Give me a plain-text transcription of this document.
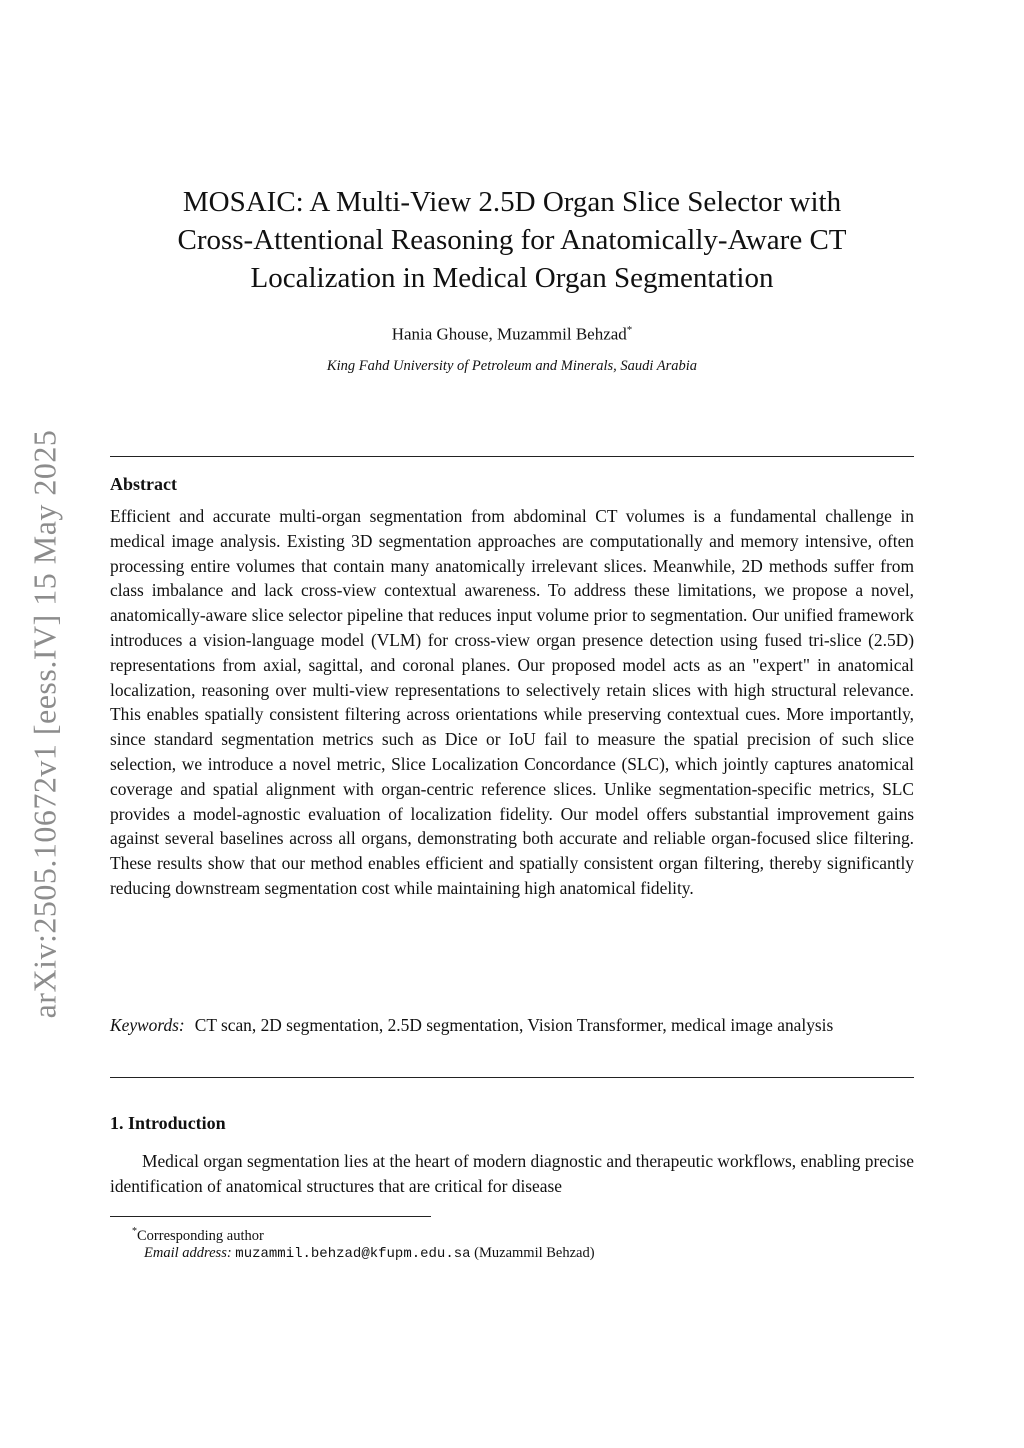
arXiv:2505.10672v1 [eess.IV] 15 May 2025
MOSAIC: A Multi-View 2.5D Organ Slice Selector with
Cross-Attentional Reasoning for Anatomically-Aware CT
Localization in Medical Organ Segmentation
Hania Ghouse, Muzammil Behzad*
King Fahd University of Petroleum and Minerals, Saudi Arabia
Abstract

Efficient and accurate multi-organ segmentation from abdominal CT volumes is a fundamental challenge in medical image analysis. Existing 3D segmentation approaches are computationally and memory intensive, often processing entire volumes that contain many anatomically irrelevant slices. Meanwhile, 2D methods suffer from class imbalance and lack cross-view contextual awareness. To address these limitations, we propose a novel, anatomically-aware slice selector pipeline that reduces input volume prior to segmentation. Our unified framework introduces a vision-language model (VLM) for cross-view organ presence detection using fused tri-slice (2.5D) representations from axial, sagittal, and coronal planes. Our proposed model acts as an "expert" in anatomical localization, reasoning over multi-view representations to selectively retain slices with high structural relevance. This enables spatially consistent filtering across orientations while preserving contextual cues. More importantly, since standard segmentation metrics such as Dice or IoU fail to measure the spatial precision of such slice selection, we introduce a novel metric, Slice Localization Concordance (SLC), which jointly captures anatomical coverage and spatial alignment with organ-centric reference slices. Unlike segmentation-specific metrics, SLC provides a model-agnostic evaluation of localization fidelity. Our model offers substantial improvement gains against several baselines across all organs, demonstrating both accurate and reliable organ-focused slice filtering. These results show that our method enables efficient and spatially consistent organ filtering, thereby significantly reducing downstream segmentation cost while maintaining high anatomical fidelity.

Keywords: CT scan, 2D segmentation, 2.5D segmentation, Vision Transformer, medical image analysis

1. Introduction

Medical organ segmentation lies at the heart of modern diagnostic and therapeutic workflows, enabling precise identification of anatomical structures that are critical for disease

*Corresponding author
Email address: muzammil.behzad@kfupm.edu.sa (Muzammil Behzad)
